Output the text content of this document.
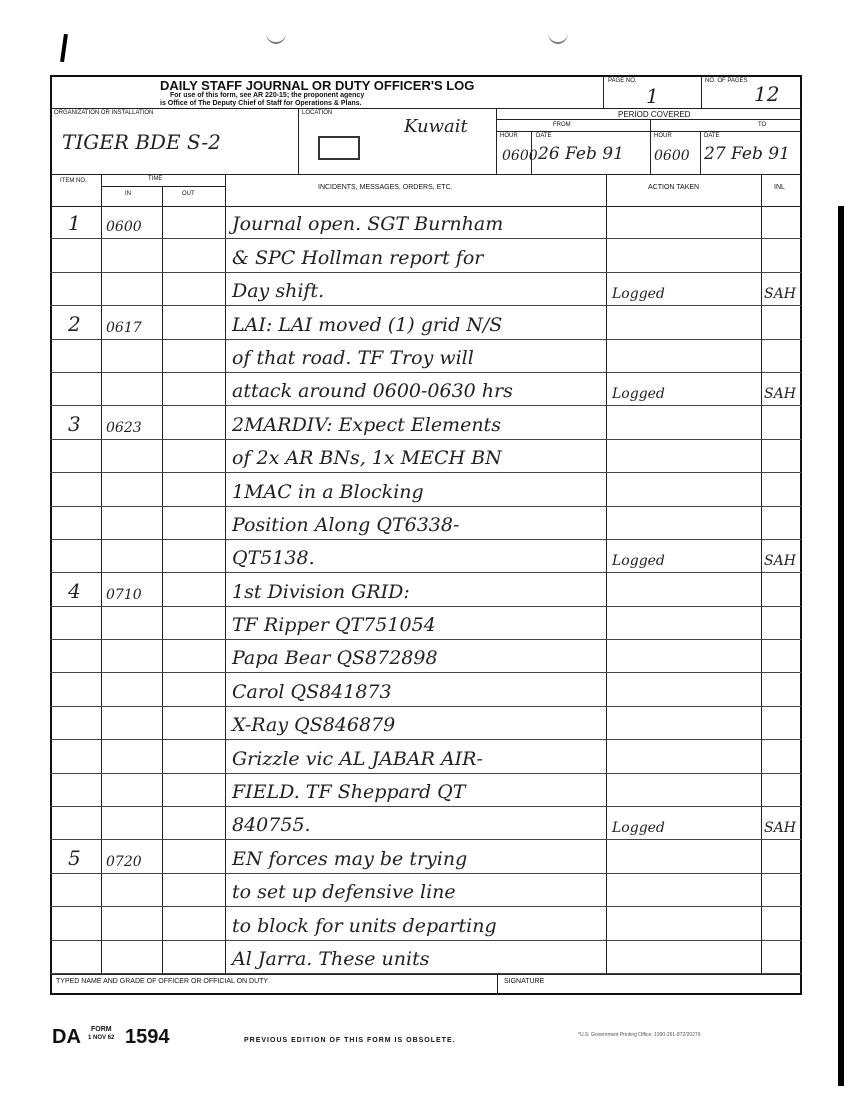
DAILY STAFF JOURNAL OR DUTY OFFICER'S LOG
For use of this form, see AR 220-15; the proponent agency
is Office of The Deputy Chief of Staff for Operations & Plans.
PAGE NO.
1
NO. OF PAGES
12
ORGANIZATION OR INSTALLATION
TIGER BDE S-2
LOCATION
Kuwait
PERIOD COVERED
FROM	TO
HOUR	DATE	HOUR	DATE
0600 26 Feb 91 0600 27 Feb 91
ITEM NO.	TIME
IN	OUT
INCIDENTS, MESSAGES, ORDERS, ETC.	ACTION TAKEN	INL
1 0600	Journal open. SGT Burnham
& SPC Hollman report for
Day shift.	Logged	SAH
2 0617	LAI: LAI moved (1) grid N/S
of that road. TF Troy will
attack around 0600-0630 hrs	Logged	SAH
3 0623	2MARDIV: Expect Elements
of 2x AR BNs, 1x MECH BN
1MAC in a Blocking
Position Along QT6338-
QT5138.	Logged	SAH
4 0710	1st Division GRID:
TF Ripper QT751054
Papa Bear QS872898
Carol QS841873
X-Ray QS846879
Grizzle vic AL JABAR AIR-
FIELD. TF Sheppard QT
840755.	Logged	SAH
5 0720	EN forces may be trying
to set up defensive line
to block for units departing
Al Jarra. These units
TYPED NAME AND GRADE OF OFFICER OR OFFICIAL ON DUTY	SIGNATURE
DA FORM
1 NOV 62 1594	PREVIOUS EDITION OF THIS FORM IS OBSOLETE.
*U.S. Government Printing Office: 1990-261-872/20279
